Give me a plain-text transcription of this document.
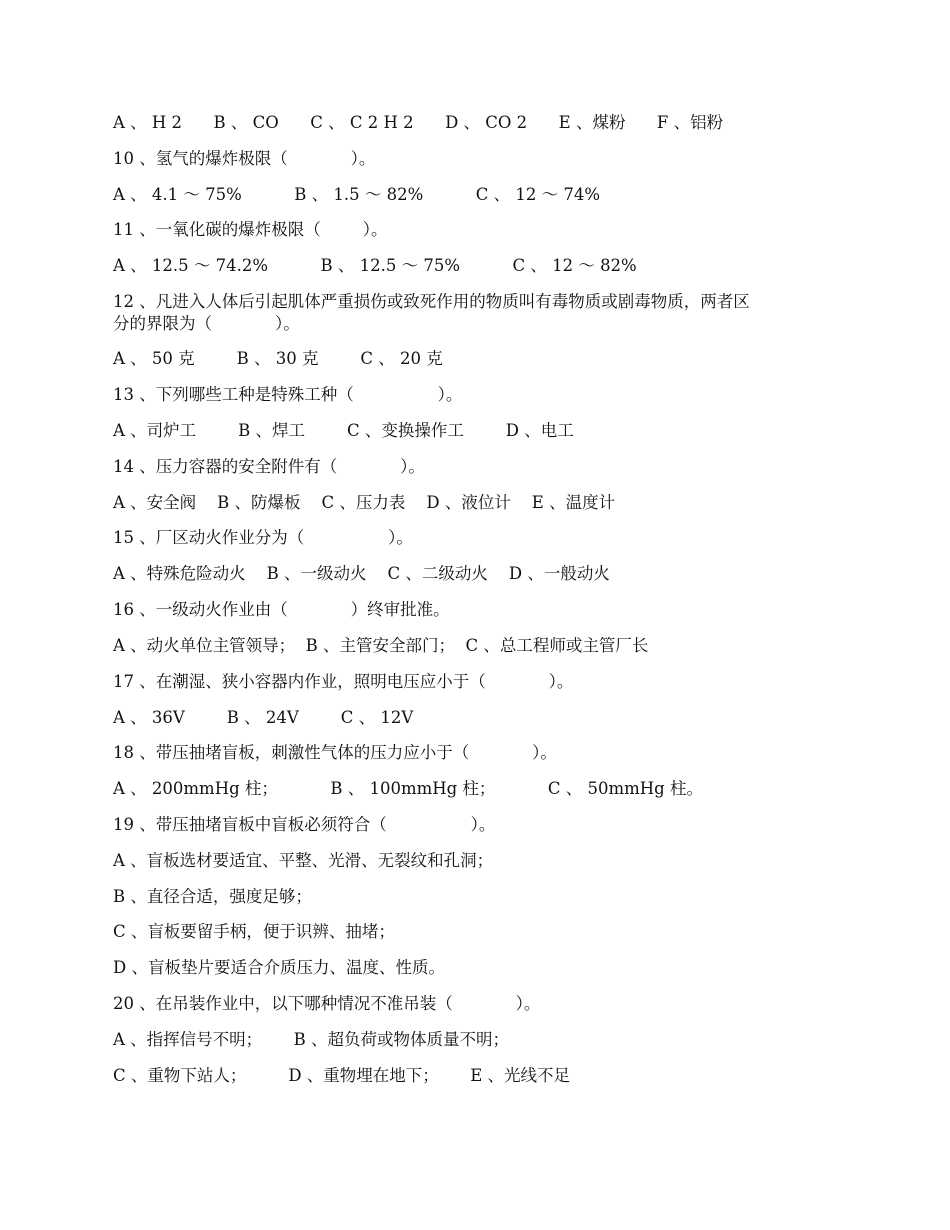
A 、 H 2      B 、 CO      C 、 C 2 H 2      D 、 CO 2      E 、煤粉      F 、铝粉
10 、氢气的爆炸极限（            ）。
A 、 4.1 ～ 75%          B 、 1.5 ～ 82%          C 、 12 ～ 74%
11 、一氧化碳的爆炸极限（        ）。
A 、 12.5 ～ 74.2%          B 、 12.5 ～ 75%          C 、 12 ～ 82%
12 、凡进入人体后引起肌体严重损伤或致死作用的物质叫有毒物质或剧毒物质，两者区
分的界限为（            ）。
A 、 50 克        B 、 30 克        C 、 20 克
13 、下列哪些工种是特殊工种（                ）。
A 、司炉工        B 、焊工        C 、变换操作工        D 、电工
14 、压力容器的安全附件有（            ）。
A 、安全阀    B 、防爆板    C 、压力表    D 、液位计    E 、温度计
15 、厂区动火作业分为（                ）。
A 、特殊危险动火    B 、一级动火    C 、二级动火    D 、一般动火
16 、一级动火作业由（            ）终审批准。
A 、动火单位主管领导；  B 、主管安全部门；  C 、总工程师或主管厂长
17 、在潮湿、狭小容器内作业，照明电压应小于（            ）。
A 、 36V        B 、 24V        C 、 12V
18 、带压抽堵盲板，刺激性气体的压力应小于（            ）。
A 、 200mmHg 柱；          B 、 100mmHg 柱；          C 、 50mmHg 柱。
19 、带压抽堵盲板中盲板必须符合（                ）。
A 、盲板选材要适宜、平整、光滑、无裂纹和孔洞；
B 、直径合适，强度足够；
C 、盲板要留手柄，便于识辨、抽堵；
D 、盲板垫片要适合介质压力、温度、性质。
20 、在吊装作业中，以下哪种情况不准吊装（            ）。
A 、指挥信号不明；      B 、超负荷或物体质量不明；
C 、重物下站人；        D 、重物埋在地下；      E 、光线不足
